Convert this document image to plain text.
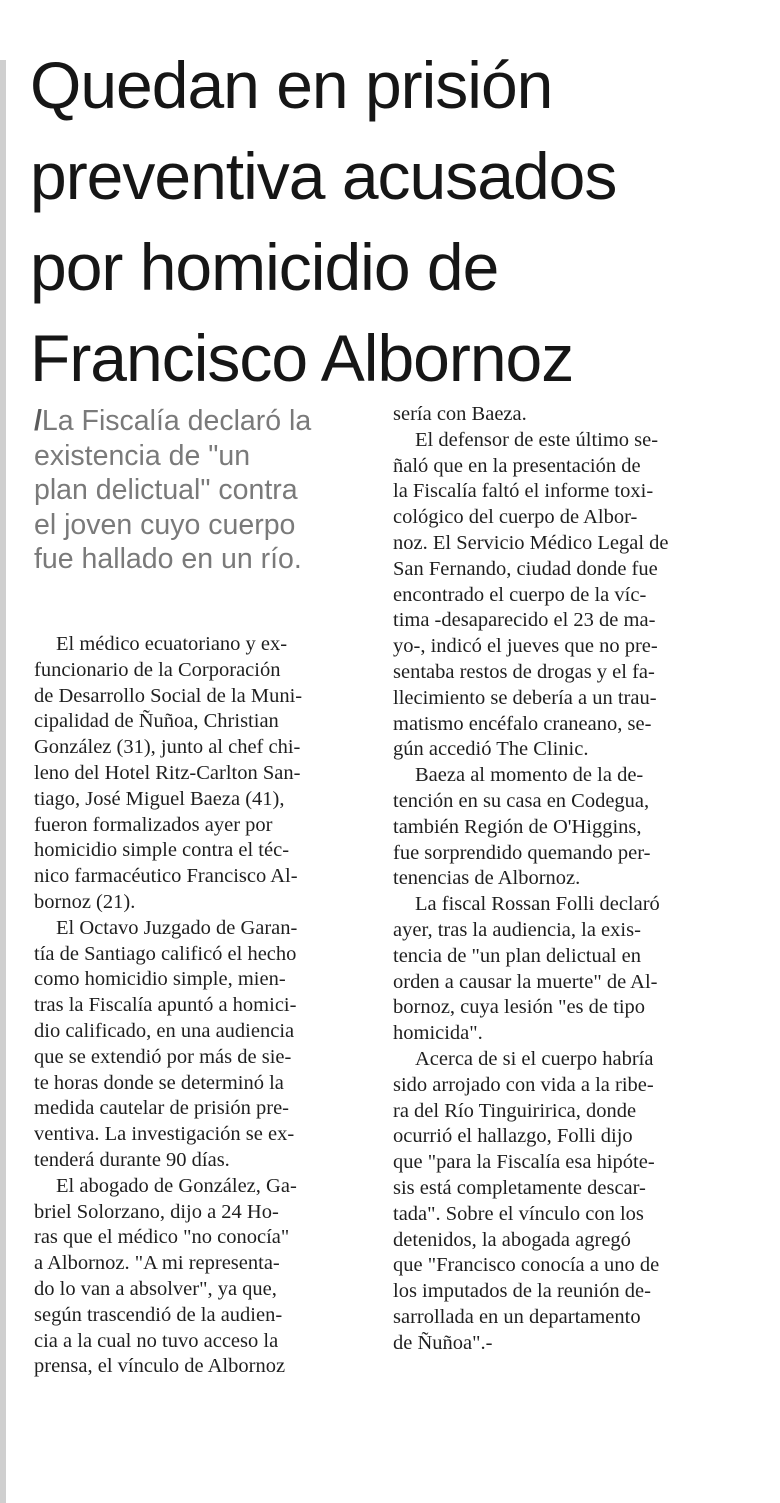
Quedan en prisión
preventiva acusados
por homicidio de
Francisco Albornoz

/La Fiscalía declaró la
existencia de "un
plan delictual" contra
el joven cuyo cuerpo
fue hallado en un río.

El médico ecuatoriano y ex-
funcionario de la Corporación
de Desarrollo Social de la Muni-
cipalidad de Ñuñoa, Christian
González (31), junto al chef chi-
leno del Hotel Ritz-Carlton San-
tiago, José Miguel Baeza (41),
fueron formalizados ayer por
homicidio simple contra el téc-
nico farmacéutico Francisco Al-
bornoz (21).
El Octavo Juzgado de Garan-
tía de Santiago calificó el hecho
como homicidio simple, mien-
tras la Fiscalía apuntó a homici-
dio calificado, en una audiencia
que se extendió por más de sie-
te horas donde se determinó la
medida cautelar de prisión pre-
ventiva. La investigación se ex-
tenderá durante 90 días.
El abogado de González, Ga-
briel Solorzano, dijo a 24 Ho-
ras que el médico "no conocía"
a Albornoz. "A mi representa-
do lo van a absolver", ya que,
según trascendió de la audien-
cia a la cual no tuvo acceso la
prensa, el vínculo de Albornoz
sería con Baeza.
El defensor de este último se-
ñaló que en la presentación de
la Fiscalía faltó el informe toxi-
cológico del cuerpo de Albor-
noz. El Servicio Médico Legal de
San Fernando, ciudad donde fue
encontrado el cuerpo de la víc-
tima -desaparecido el 23 de ma-
yo-, indicó el jueves que no pre-
sentaba restos de drogas y el fa-
llecimiento se debería a un trau-
matismo encéfalo craneano, se-
gún accedió The Clinic.
Baeza al momento de la de-
tención en su casa en Codegua,
también Región de O'Higgins,
fue sorprendido quemando per-
tenencias de Albornoz.
La fiscal Rossan Folli declaró
ayer, tras la audiencia, la exis-
tencia de "un plan delictual en
orden a causar la muerte" de Al-
bornoz, cuya lesión "es de tipo
homicida".
Acerca de si el cuerpo habría
sido arrojado con vida a la ribe-
ra del Río Tinguiririca, donde
ocurrió el hallazgo, Folli dijo
que "para la Fiscalía esa hipóte-
sis está completamente descar-
tada". Sobre el vínculo con los
detenidos, la abogada agregó
que "Francisco conocía a uno de
los imputados de la reunión de-
sarrollada en un departamento
de Ñuñoa".-
